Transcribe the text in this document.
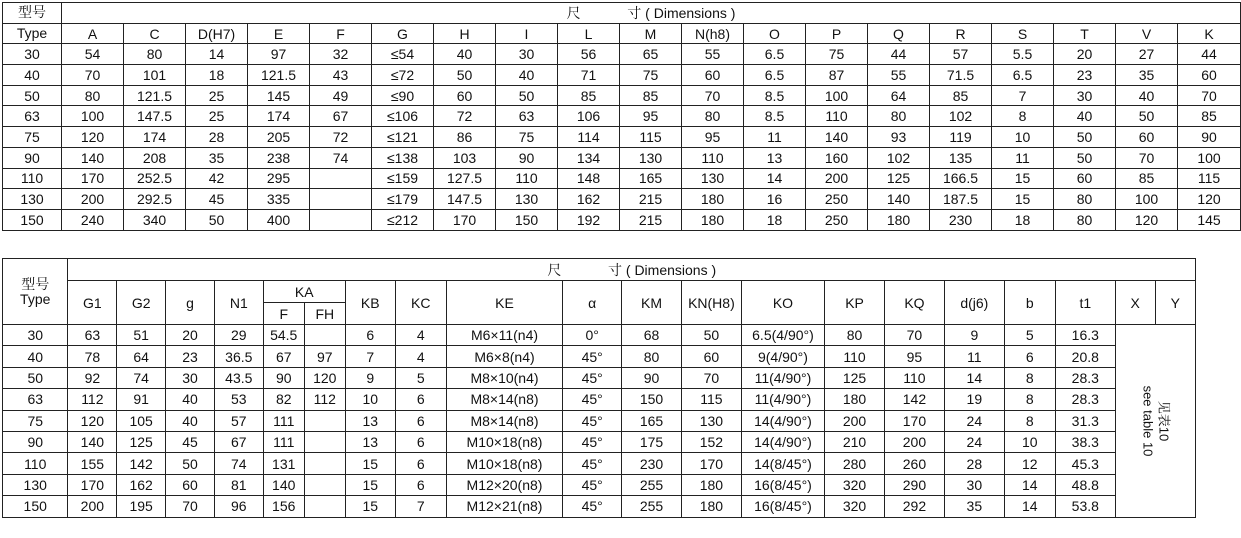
型号	尺 寸 ( Dimensions )																		
Type	A	C	D(H7)	E	F	G	H	I	L	M	N(h8)	O	P	Q	R	S	T	V	K
30	54	80	14	97	32	≤54	40	30	56	65	55	6.5	75	44	57	5.5	20	27	44
40	70	101	18	121.5	43	≤72	50	40	71	75	60	6.5	87	55	71.5	6.5	23	35	60
50	80	121.5	25	145	49	≤90	60	50	85	85	70	8.5	100	64	85	7	30	40	70
63	100	147.5	25	174	67	≤106	72	63	106	95	80	8.5	110	80	102	8	40	50	85
75	120	174	28	205	72	≤121	86	75	114	115	95	11	140	93	119	10	50	60	90
90	140	208	35	238	74	≤138	103	90	134	130	110	13	160	102	135	11	50	70	100
110	170	252.5	42	295		≤159	127.5	110	148	165	130	14	200	125	166.5	15	60	85	115
130	200	292.5	45	335		≤179	147.5	130	162	215	180	16	250	140	187.5	15	80	100	120
150	240	340	50	400		≤212	170	150	192	215	180	18	250	180	230	18	80	120	145
型号
Type	尺 寸 ( Dimensions )																			
	G1	G2	g	N1	KA		KB	KC	KE	α	KM	KN(H8)	KO	KP	KQ	d(j6)	b	t1	X	Y
					F	FH														
30	63	51	20	29	54.5		6	4	M6×11(n4)	0°	68	50	6.5(4/90°)	80	70	9	5	16.3	见表10
see table 10	
40	78	64	23	36.5	67	97	7	4	M6×8(n4)	45°	80	60	9(4/90°)	110	95	11	6	20.8		
50	92	74	30	43.5	90	120	9	5	M8×10(n4)	45°	90	70	11(4/90°)	125	110	14	8	28.3		
63	112	91	40	53	82	112	10	6	M8×14(n8)	45°	150	115	11(4/90°)	180	142	19	8	28.3		
75	120	105	40	57	111		13	6	M8×14(n8)	45°	165	130	14(4/90°)	200	170	24	8	31.3		
90	140	125	45	67	111		13	6	M10×18(n8)	45°	175	152	14(4/90°)	210	200	24	10	38.3		
110	155	142	50	74	131		15	6	M10×18(n8)	45°	230	170	14(8/45°)	280	260	28	12	45.3		
130	170	162	60	81	140		15	6	M12×20(n8)	45°	255	180	16(8/45°)	320	290	30	14	48.8		
150	200	195	70	96	156		15	7	M12×21(n8)	45°	255	180	16(8/45°)	320	292	35	14	53.8		
